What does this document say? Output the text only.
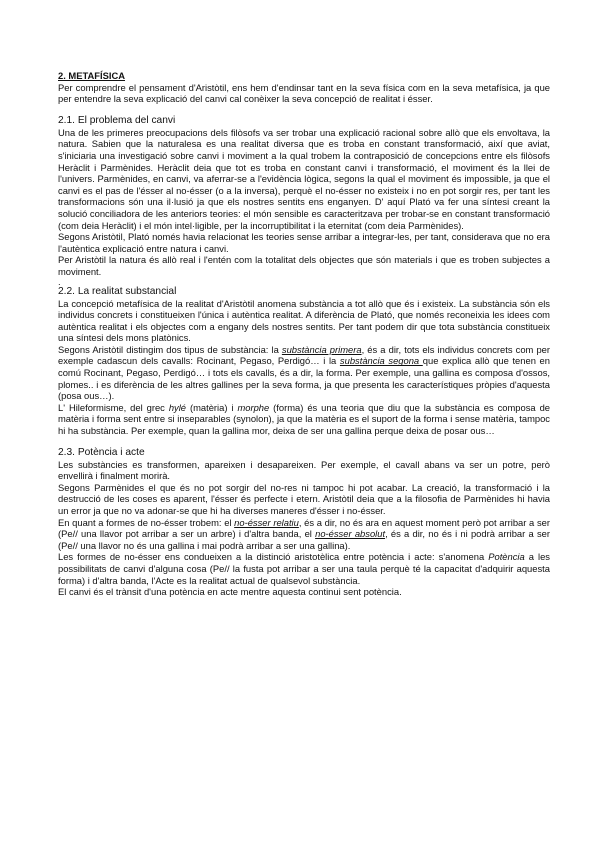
2. METAFÍSICA

Per comprendre el pensament d'Aristòtil, ens hem d'endinsar tant en la seva física com en la seva metafísica, ja que per entendre la seva explicació del canvi cal conèixer la seva concepció de realitat i ésser.

2.1. El problema del canvi

Una de les primeres preocupacions dels filòsofs va ser trobar una explicació racional sobre allò que els envoltava, la natura. Sabien que la naturalesa es una realitat diversa que es troba en constant transformació, així que aviat, s'iniciaria una investigació sobre canvi i moviment a la qual trobem la contraposició de concepcions entre els filòsofs Heràclit i Parmènides. Heràclit deia que tot es troba en constant canvi i transformació, el moviment és la llei de l'univers. Parmènides, en canvi, va aferrar-se a l'evidència lògica, segons la qual el moviment és impossible, ja que el canvi es el pas de l'ésser al no-ésser (o a la inversa), perquè el no-ésser no existeix i no en pot sorgir res, per tant les transformacions són una il·lusió ja que els nostres sentits ens enganyen. D' aquí Plató va fer una síntesi creant la solució conciliadora de les anteriors teories: el món sensible es caracteritzava per trobar-se en constant transformació (com deia Heràclit) i el món intel·ligible, per la incorruptibilitat i la eternitat (com deia Parmènides).

Segons Aristòtil, Plató només havia relacionat les teories sense arribar a integrar-les, per tant, considerava que no era l'autèntica explicació entre natura i canvi.

Per Aristòtil la natura és allò real i l'entén com la totalitat dels objectes que són materials i que es troben subjectes a moviment.

.

2.2. La realitat substancial

La concepció metafísica de la realitat d'Aristòtil anomena substància a tot allò que és i existeix. La substància són els individus concrets i constitueixen l'única i autèntica realitat. A diferència de Plató, que només reconeixia les idees com autèntica realitat i els objectes com a engany dels nostres sentits. Per tant podem dir que tota substància constitueix una síntesi dels mons platònics.

Segons Aristòtil distingim dos tipus de substància: la substància primera, és a dir, tots els individus concrets com per exemple cadascun dels cavalls: Rocinant, Pegaso, Perdigó… i la substància segona que explica allò que tenen en comú Rocinant, Pegaso, Perdigó… i tots els cavalls, és a dir, la forma. Per exemple, una gallina es composa d'ossos, plomes.. i es diferència de les altres gallines per la seva forma, ja que presenta les característiques pròpies d'aquesta (posa ous…).

L' Hileformisme, del grec hylé (matèria) i morphe (forma) és una teoria que diu que la substància es composa de matèria i forma sent entre si inseparables (synolon), ja que la matèria es el suport de la forma i sense matèria, tampoc hi ha substància. Per exemple, quan la gallina mor, deixa de ser una gallina perque deixa de posar ous…

2.3. Potència i acte

Les substàncies es transformen, apareixen i desapareixen. Per exemple, el cavall abans va ser un potre, però envellirà i finalment morirà.

Segons Parmènides el que és no pot sorgir del no-res ni tampoc hi pot acabar. La creació, la transformació i la destrucció de les coses es aparent, l'ésser és perfecte i etern. Aristòtil deia que a la filosofia de Parmènides hi havia un error ja que no va adonar-se que hi ha diverses maneres d'ésser i no-ésser.

En quant a formes de no-ésser trobem: el no-ésser relatiu, és a dir, no és ara en aquest moment però pot arribar a ser (Pe// una llavor pot arribar a ser un arbre) i d'altra banda, el no-ésser absolut, és a dir, no és i ni podrà arribar a ser (Pe// una llavor no és una gallina i mai podrà arribar a ser una gallina).

Les formes de no-ésser ens condueixen a la distinció aristotèlica entre potència i acte: s'anomena Potència a les possibilitats de canvi d'alguna cosa (Pe// la fusta pot arribar a ser una taula perquè té la capacitat d'adquirir aquesta forma) i d'altra banda, l'Acte es la realitat actual de qualsevol substància.

El canvi és el trànsit d'una potència en acte mentre aquesta continui sent potència.
